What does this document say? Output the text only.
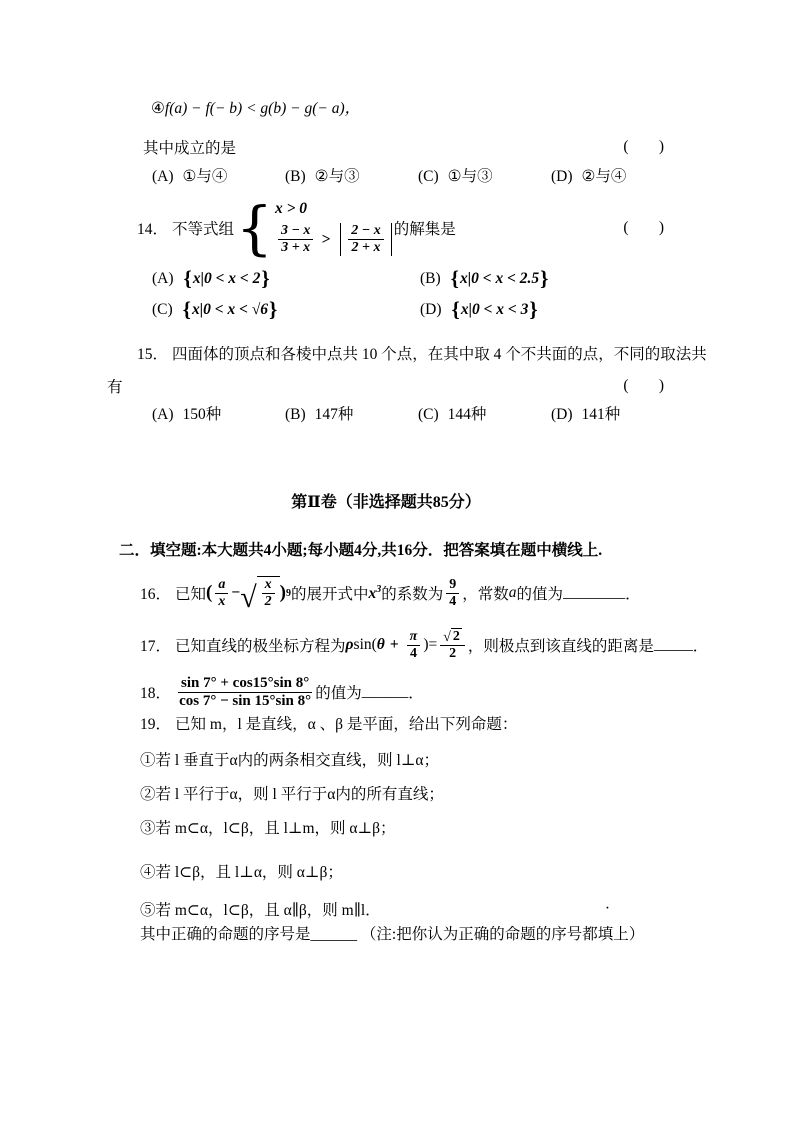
④f(a) − f(− b) < g(b) − g(− a)，
其中成立的是	(      )
(A) ①与④	(B) ②与③	(C) ①与③	(D) ②与④
14． 不等式组 { x > 0
$\frac{3 - x}{3 + x} > \frac{2 - x}{2 + x}$ 的解集是	(      )
(A) { x|0 < x < 2 }	(B) { x|0 < x < 2.5 }
(C) { x|0 < x < √6 }	(D) { x|0 < x < 3 }
15． 四面体的顶点和各棱中点共 10 个点，在其中取 4 个不共面的点，不同的取法共
有	(      )
(A) 150种	(B) 147种	(C) 144种	(D) 141种
第Ⅱ卷（非选择题共85分）
二．填空题:本大题共4小题;每小题4分,共16分．把答案填在题中横线上.
16． 已知 ( $\frac{a}{x}$ − √ $\frac{x}{2}$ ) 9 的展开式中 $x^3$ 的系数为 $\frac{9}{4}$ ，常数 a 的值为 ________ ．
17． 已知直线的极坐标方程为 ρ sin( $\theta + \frac{\pi}{4}$ )= $\frac{√ 2}{2}$ ，则极点到该直线的距离是 _____ ．
18． $\frac{\sin 7^\circ + \cos 15^\circ\sin 8^\circ}{\cos 7^\circ - \sin 15^\circ\sin 8^\circ}$ 的值为 ______ ．
19． 已知 m，l 是直线，α 、β 是平面，给出下列命题：
①若 l 垂直于α内的两条相交直线，则 l⊥α；
②若 l 平行于α，则 l 平行于α内的所有直线；
③若 m⊂α，l⊂β，且 l⊥m，则 α⊥β；
④若 l⊂β，且 l⊥α，则 α⊥β；
⑤若 m⊂α，l⊂β，且 α∥β，则 m∥l．	·
其中正确的命题的序号是______ （注:把你认为正确的命题的序号都填上）
